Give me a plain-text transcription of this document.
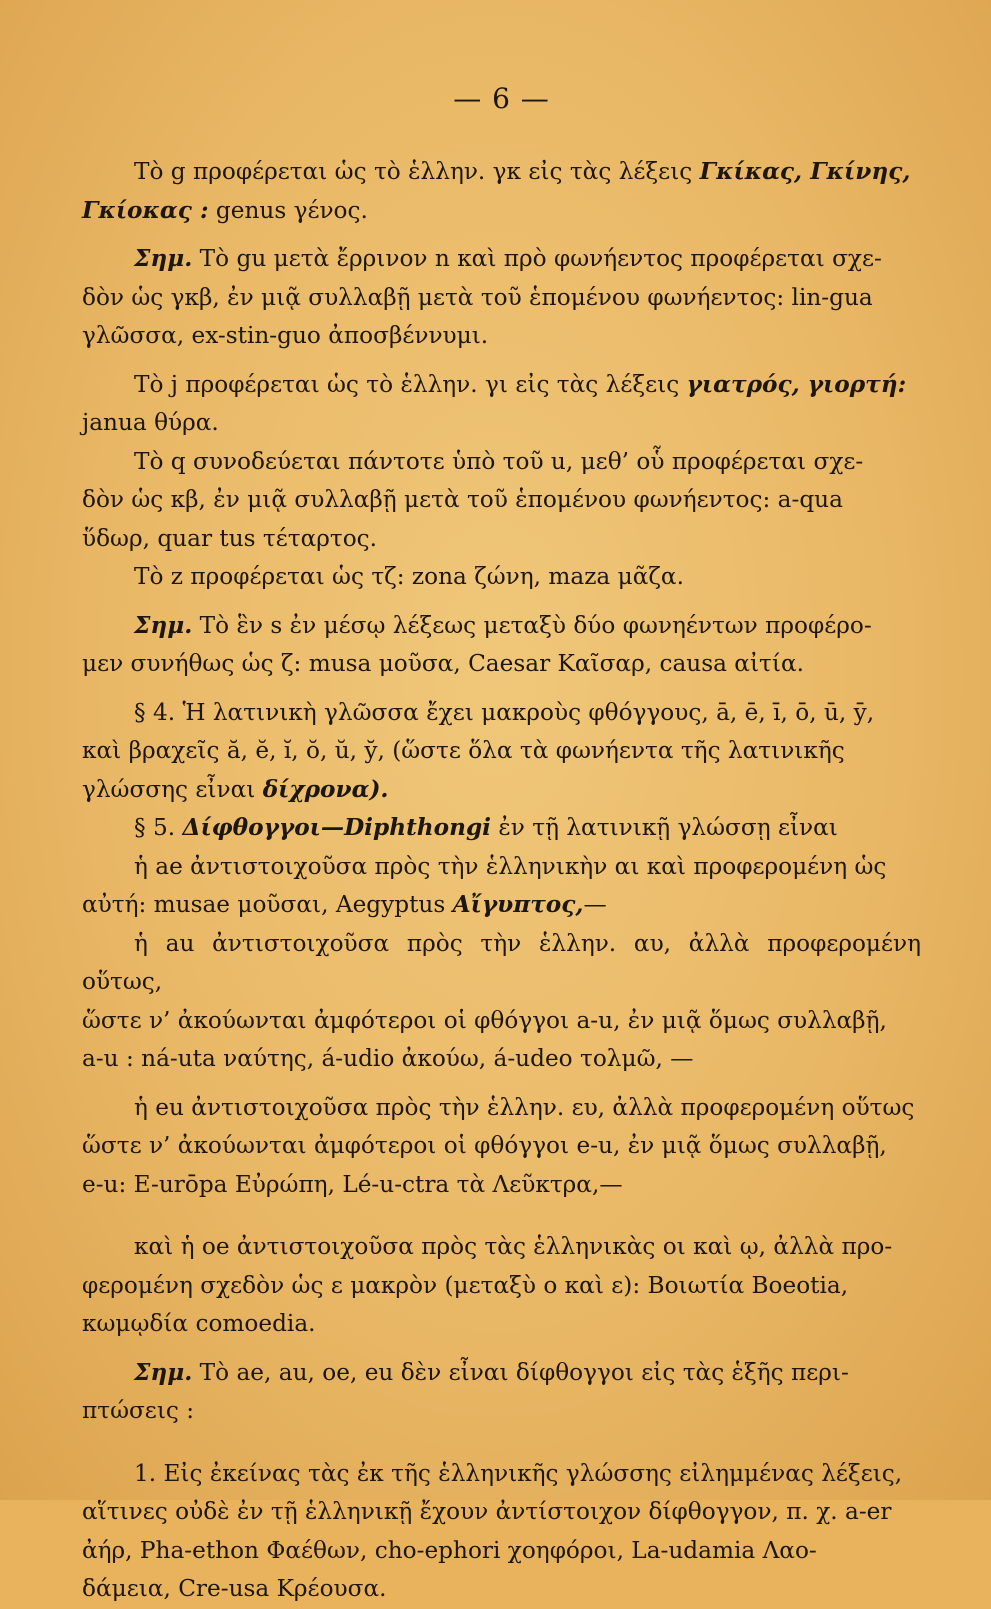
— 6 —

Τὸ g προφέρεται ὡς τὸ ἑλλην. γκ εἰς τὰς λέξεις Γκίκας, Γκίνης,
Γκίοκας : genus γένος.

Σημ. Τὸ gu μετὰ ἔρρινον n καὶ πρὸ φωνήεντος προφέρεται σχε-
δὸν ὡς γκβ, ἐν μιᾷ συλλαβῇ μετὰ τοῦ ἑπομένου φωνήεντος: lin-gua
γλῶσσα, ex-stin-guo ἀποσβέννυμι.

Τὸ j προφέρεται ὡς τὸ ἑλλην. γι εἰς τὰς λέξεις γιατρός, γιορτή:
janua θύρα.

Τὸ q συνοδεύεται πάντοτε ὑπὸ τοῦ u, μεθ’ οὗ προφέρεται σχε-
δὸν ὡς κβ, ἐν μιᾷ συλλαβῇ μετὰ τοῦ ἑπομένου φωνήεντος: a-qua
ὕδωρ, quar tus τέταρτος.

Τὸ z προφέρεται ὡς τζ: zona ζώνη, maza μᾶζα.

Σημ. Τὸ ἓν s ἐν μέσῳ λέξεως μεταξὺ δύο φωνηέντων προφέρο-
μεν συνήθως ὡς ζ: musa μοῦσα, Caesar Καῖσαρ, causa αἰτία.

§ 4. Ἡ λατινικὴ γλῶσσα ἔχει μακροὺς φθόγγους, ā, ē, ī, ō, ū, ȳ,
καὶ βραχεῖς ă, ĕ, ĭ, ŏ, ŭ, y̆, (ὥστε ὅλα τὰ φωνήεντα τῆς λατινικῆς
γλώσσης εἶναι δίχρονα).

§ 5. Δίφθογγοι—Diphthongi ἐν τῇ λατινικῇ γλώσσῃ εἶναι

ἡ ae ἀντιστοιχοῦσα πρὸς τὴν ἑλληνικὴν αι καὶ προφερομένη ὡς
αὐτή: musae μοῦσαι, Aegyptus Αἴγυπτος,—

ἡ au ἀντιστοιχοῦσα πρὸς τὴν ἑλλην. αυ, ἀλλὰ προφερομένη οὕτως,
ὥστε ν’ ἀκούωνται ἀμφότεροι οἱ φθόγγοι a-u, ἐν μιᾷ ὅμως συλλαβῇ,
a-u : ná-uta ναύτης, á-udio ἀκούω, á-udeo τολμῶ, —

ἡ eu ἀντιστοιχοῦσα πρὸς τὴν ἑλλην. ευ, ἀλλὰ προφερομένη οὕτως
ὥστε ν’ ἀκούωνται ἀμφότεροι οἱ φθόγγοι e-u, ἐν μιᾷ ὅμως συλλαβῇ,
e-u: E-urōpa Εὐρώπη, Lé-u-ctra τὰ Λεῦκτρα,—

καὶ ἡ oe ἀντιστοιχοῦσα πρὸς τὰς ἑλληνικὰς οι καὶ ῳ, ἀλλὰ προ-
φερομένη σχεδὸν ὡς ε μακρὸν (μεταξὺ ο καὶ ε): Βοιωτία Boeotia,
κωμῳδία comoedia.

Σημ. Τὸ ae, au, oe, eu δὲν εἶναι δίφθογγοι εἰς τὰς ἑξῆς περι-
πτώσεις :

1. Εἰς ἐκείνας τὰς ἐκ τῆς ἑλληνικῆς γλώσσης εἰλημμένας λέξεις,
αἵτινες οὐδὲ ἐν τῇ ἑλληνικῇ ἔχουν ἀντίστοιχον δίφθογγον, π. χ. a-er
ἀήρ, Pha-ethon Φαέθων, cho-ephori χοηφόροι, La-udamia Λαο-
δάμεια, Cre-usa Κρέουσα.
